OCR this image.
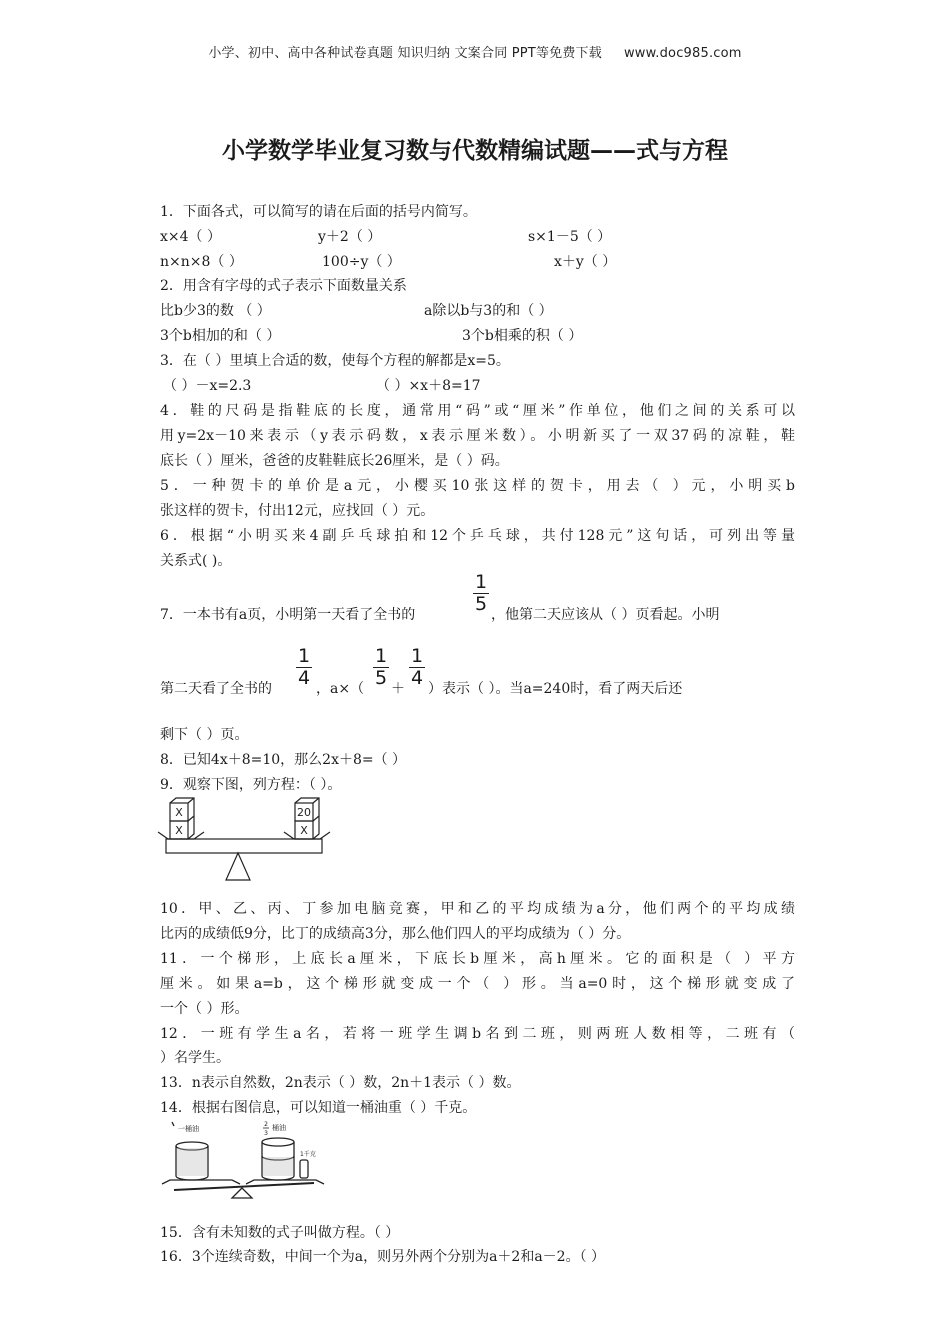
小学、初中、高中各种试卷真题 知识归纳 文案合同 PPT等免费下载 www.doc985.com
小学数学毕业复习数与代数精编试题——式与方程
1．下面各式，可以简写的请在后面的括号内简写。
x×4（ ）	y＋2（ ）	s×1－5（ ）
n×n×8（ ）	100÷y（ ）	x＋y（ ）
2．用含有字母的式子表示下面数量关系
比b少3的数 （ ）	a除以b与3的和（ ）
3个b相加的和（ ）	3个b相乘的积（ ）
3．在（ ）里填上合适的数，使每个方程的解都是x=5。
（ ）－x=2.3	（ ）×x＋8=17
4．鞋的尺码是指鞋底的长度，通常用“码”或“厘米”作单位，他们之间的关系可以
用y=2x－10来表示（y表示码数，x表示厘米数）。小明新买了一双37码的凉鞋，鞋
底长（ ）厘米，爸爸的皮鞋鞋底长26厘米，是（ ）码。
5．一种贺卡的单价是a元，小樱买10张这样的贺卡，用去（ ）元，小明买b
张这样的贺卡，付出12元，应找回（ ）元。
6．根据“小明买来4副乒乓球拍和12个乒乓球，共付128元”这句话，可列出等量
关系式( )。
7．一本书有a页，小明第一天看了全书的
$\frac{1}{5}$
，他第二天应该从（ ）页看起。小明
第二天看了全书的
$\frac{1}{4}$
，a×（
$\frac{1}{5}$
＋
$\frac{1}{4}$
）表示（ ）。当a=240时，看了两天后还
剩下（ ）页。
8．已知4x＋8=10，那么2x＋8=（ ）
9．观察下图，列方程：（ ）。
X
X
20
X
10．甲、乙、丙、丁参加电脑竞赛，甲和乙的平均成绩为a分，他们两个的平均成绩
比丙的成绩低9分，比丁的成绩高3分，那么他们四人的平均成绩为（ ）分。
11．一个梯形，上底长a厘米，下底长b厘米，高h厘米。它的面积是（ ）平方
厘米。如果a=b，这个梯形就变成一个（ ）形。当a=0时，这个梯形就变成了
一个（ ）形。
12．一班有学生a名，若将一班学生调b名到二班，则两班人数相等，二班有（
）名学生。
13．n表示自然数，2n表示（ ）数，2n＋1表示（ ）数。
14．根据右图信息，可以知道一桶油重（ ）千克。
一桶油
2
3
桶油
1千克
15．含有未知数的式子叫做方程。（ ）
16．3个连续奇数，中间一个为a，则另外两个分别为a＋2和a－2。（ ）
